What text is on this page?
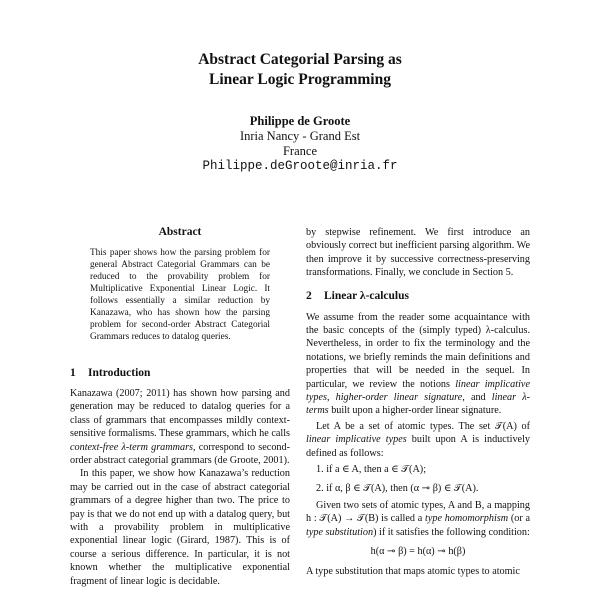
Abstract Categorial Parsing as
Linear Logic Programming
Philippe de Groote
Inria Nancy - Grand Est
France
Philippe.deGroote@inria.fr

Abstract

This paper shows how the parsing problem for general Abstract Categorial Grammars can be reduced to the provability problem for Multiplicative Exponential Linear Logic. It follows essentially a similar reduction by Kanazawa, who has shown how the parsing problem for second-order Abstract Categorial Grammars reduces to datalog queries.

1 Introduction

Kanazawa (2007; 2011) has shown how parsing and generation may be reduced to datalog queries for a class of grammars that encompasses mildly context-sensitive formalisms. These grammars, which he calls context-free λ-term grammars, correspond to second-order abstract categorial grammars (de Groote, 2001).

In this paper, we show how Kanazawa’s reduction may be carried out in the case of abstract categorial grammars of a degree higher than two. The price to pay is that we do not end up with a datalog query, but with a provability problem in multiplicative exponential linear logic (Girard, 1987). This is of course a serious difference. In particular, it is not known whether the multiplicative exponential fragment of linear logic is decidable.

by stepwise refinement. We first introduce an obviously correct but inefficient parsing algorithm. We then improve it by successive correctness-preserving transformations. Finally, we conclude in Section 5.

2 Linear λ-calculus

We assume from the reader some acquaintance with the basic concepts of the (simply typed) λ-calculus. Nevertheless, in order to fix the terminology and the notations, we briefly reminds the main definitions and properties that will be needed in the sequel. In particular, we review the notions linear implicative types, higher-order linear signature, and linear λ-terms built upon a higher-order linear signature.

Let A be a set of atomic types. The set 𝒯(A) of linear implicative types built upon A is inductively defined as follows:

1. if a ∈ A, then a ∈ 𝒯(A);

2. if α, β ∈ 𝒯(A), then (α ⊸ β) ∈ 𝒯(A).

Given two sets of atomic types, A and B, a mapping h : 𝒯(A) → 𝒯(B) is called a type homomorphism (or a type substitution) if it satisfies the following condition:

h(α ⊸ β) = h(α) ⊸ h(β)

A type substitution that maps atomic types to atomic
